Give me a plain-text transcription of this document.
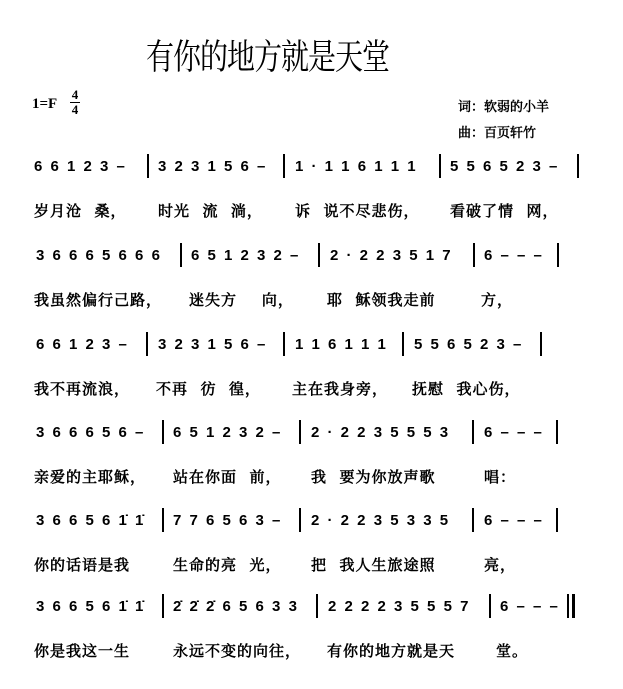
有你的地方就是天堂
1=F
4
4	词：软弱的小羊
曲：百页轩竹
6 6 1 2 3 – 3 2 3 1 5 6 – 1 · 1 1 6 1 1 1 5 5 6 5 2 3 –
岁月沧  桑， 时光  流  淌， 诉  说不尽悲伤， 看破了情  网，
3 6 6 6 5 6 6 6 6 5 1 2 3 2 – 2 · 2 2 3 5 1 7 6 – – –
我虽然偏行己路， 迷失方    向， 耶  稣领我走前	方，
6 6 1 2 3 – 3 2 3 1 5 6 – 1 1 6 1 1 1 5 5 6 5 2 3 –
我不再流浪， 不再  彷  徨， 主在我身旁， 抚慰  我心伤，
3 6 6 6 5 6 – 6 5 1 2 3 2 – 2 · 2 2 3 5 5 5 3 6 – – –
亲爱的主耶稣， 站在你面  前， 我  要为你放声歌	唱：
3 6 6 5 6 1̇ 1̇ 7 7 6 5 6 3 – 2 · 2 2 3 5 3 3 5 6 – – –
你的话语是我	生命的亮  光， 把  我人生旅途照	亮，
3 6 6 5 6 1̇ 1̇ 2̇ 2̇ 2̇ 6 5 6 3 3 2 2 2 2 3 5 5 5 7 6 – – –
你是我这一生	永远不变的向往， 有你的地方就是天	堂。
